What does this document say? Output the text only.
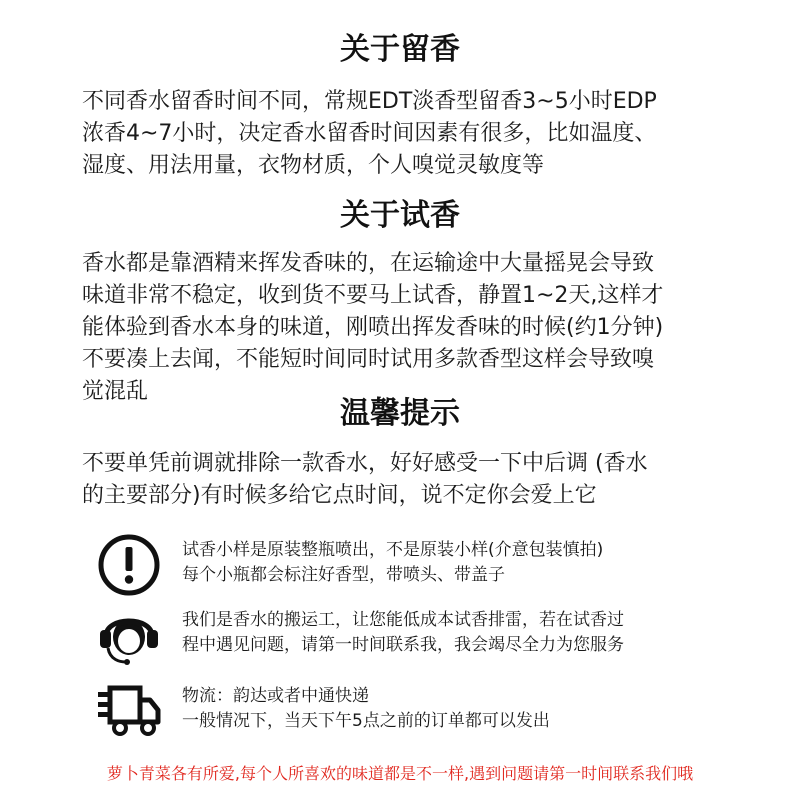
关于留香
不同香水留香时间不同，常规EDT淡香型留香3~5小时EDP
浓香4~7小时，决定香水留香时间因素有很多，比如温度、
湿度、用法用量，衣物材质，个人嗅觉灵敏度等
关于试香
香水都是靠酒精来挥发香味的，在运输途中大量摇晃会导致
味道非常不稳定，收到货不要马上试香，静置1~2天,这样才
能体验到香水本身的味道，刚喷出挥发香味的时候(约1分钟)
不要凑上去闻，不能短时间同时试用多款香型这样会导致嗅
觉混乱
温馨提示
不要单凭前调就排除一款香水，好好感受一下中后调 (香水
的主要部分)有时候多给它点时间，说不定你会爱上它
试香小样是原装整瓶喷出，不是原装小样(介意包装慎拍)
每个小瓶都会标注好香型，带喷头、带盖子
我们是香水的搬运工，让您能低成本试香排雷，若在试香过
程中遇见问题，请第一时间联系我，我会竭尽全力为您服务
物流：韵达或者中通快递
一般情况下，当天下午5点之前的订单都可以发出
萝卜青菜各有所爱,每个人所喜欢的味道都是不一样,遇到问题请第一时间联系我们哦
